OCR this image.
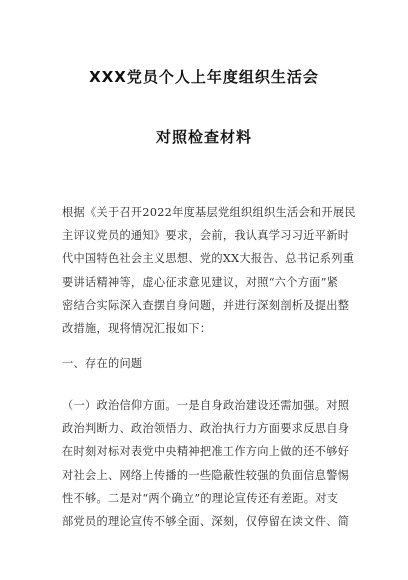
XXX党员个人上年度组织生活会
对照检查材料
根据《关于召开2022年度基层党组织组织生活会和开展民
主评议党员的通知》要求，会前，我认真学习习近平新时
代中国特色社会主义思想、党的XX大报告、总书记系列重
要讲话精神等，虚心征求意见建议，对照“六个方面”紧
密结合实际深入查摆自身问题，并进行深刻剖析及提出整
改措施，现将情况汇报如下：
一、存在的问题
（一）政治信仰方面。一是自身政治建设还需加强。对照
政治判断力、政治领悟力、政治执行力方面要求反思自身
在时刻对标对表党中央精神把准工作方向上做的还不够好
对社会上、网络上传播的一些隐蔽性较强的负面信息警惕
性不够。二是对“两个确立”的理论宣传还有差距。对支
部党员的理论宣传不够全面、深刻，仅停留在读文件、简
